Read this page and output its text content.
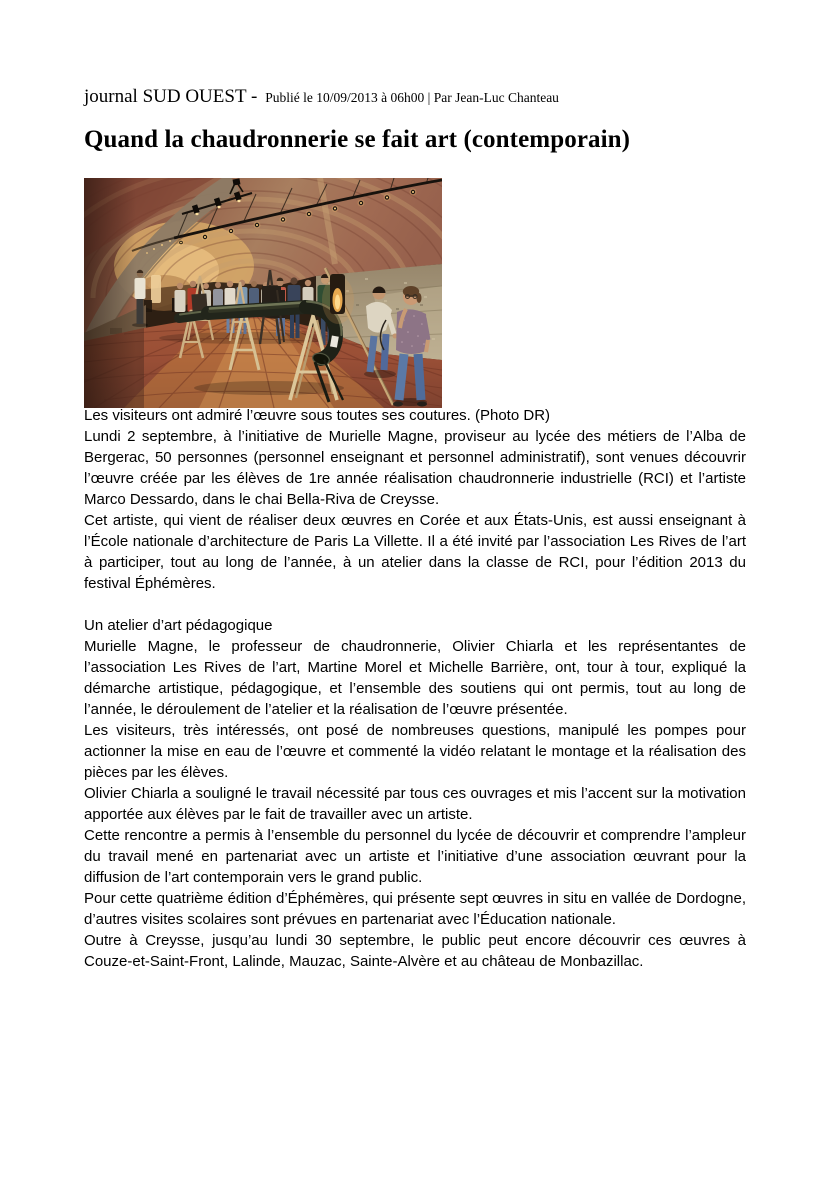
journal SUD OUEST - Publié le 10/09/2013 à 06h00 | Par Jean-Luc Chanteau
Quand la chaudronnerie se fait art (contemporain)

Les visiteurs ont admiré l’œuvre sous toutes ses coutures. (Photo DR)

Lundi 2 septembre, à l’initiative de Murielle Magne, proviseur au lycée des métiers de l’Alba de Bergerac, 50 personnes (personnel enseignant et personnel administratif), sont venues découvrir l’œuvre créée par les élèves de 1re année réalisation chaudronnerie industrielle (RCI) et l’artiste Marco Dessardo, dans le chai Bella-Riva de Creysse.

Cet artiste, qui vient de réaliser deux œuvres en Corée et aux États-Unis, est aussi enseignant à l’École nationale d’architecture de Paris La Villette. Il a été invité par l’association Les Rives de l’art à participer, tout au long de l’année, à un atelier dans la classe de RCI, pour l’édition 2013 du festival Éphémères.

Un atelier d’art pédagogique

Murielle Magne, le professeur de chaudronnerie, Olivier Chiarla et les représentantes de l’association Les Rives de l’art, Martine Morel et Michelle Barrière, ont, tour à tour, expliqué la démarche artistique, pédagogique, et l’ensemble des soutiens qui ont permis, tout au long de l’année, le déroulement de l’atelier et la réalisation de l’œuvre présentée.

Les visiteurs, très intéressés, ont posé de nombreuses questions, manipulé les pompes pour actionner la mise en eau de l’œuvre et commenté la vidéo relatant le montage et la réalisation des pièces par les élèves.

Olivier Chiarla a souligné le travail nécessité par tous ces ouvrages et mis l’accent sur la motivation apportée aux élèves par le fait de travailler avec un artiste.

Cette rencontre a permis à l’ensemble du personnel du lycée de découvrir et comprendre l’ampleur du travail mené en partenariat avec un artiste et l’initiative d’une association œuvrant pour la diffusion de l’art contemporain vers le grand public.

Pour cette quatrième édition d’Éphémères, qui présente sept œuvres in situ en vallée de Dordogne, d’autres visites scolaires sont prévues en partenariat avec l’Éducation nationale.

Outre à Creysse, jusqu’au lundi 30 septembre, le public peut encore découvrir ces œuvres à Couze-et-Saint-Front, Lalinde, Mauzac, Sainte-Alvère et au château de Monbazillac.
